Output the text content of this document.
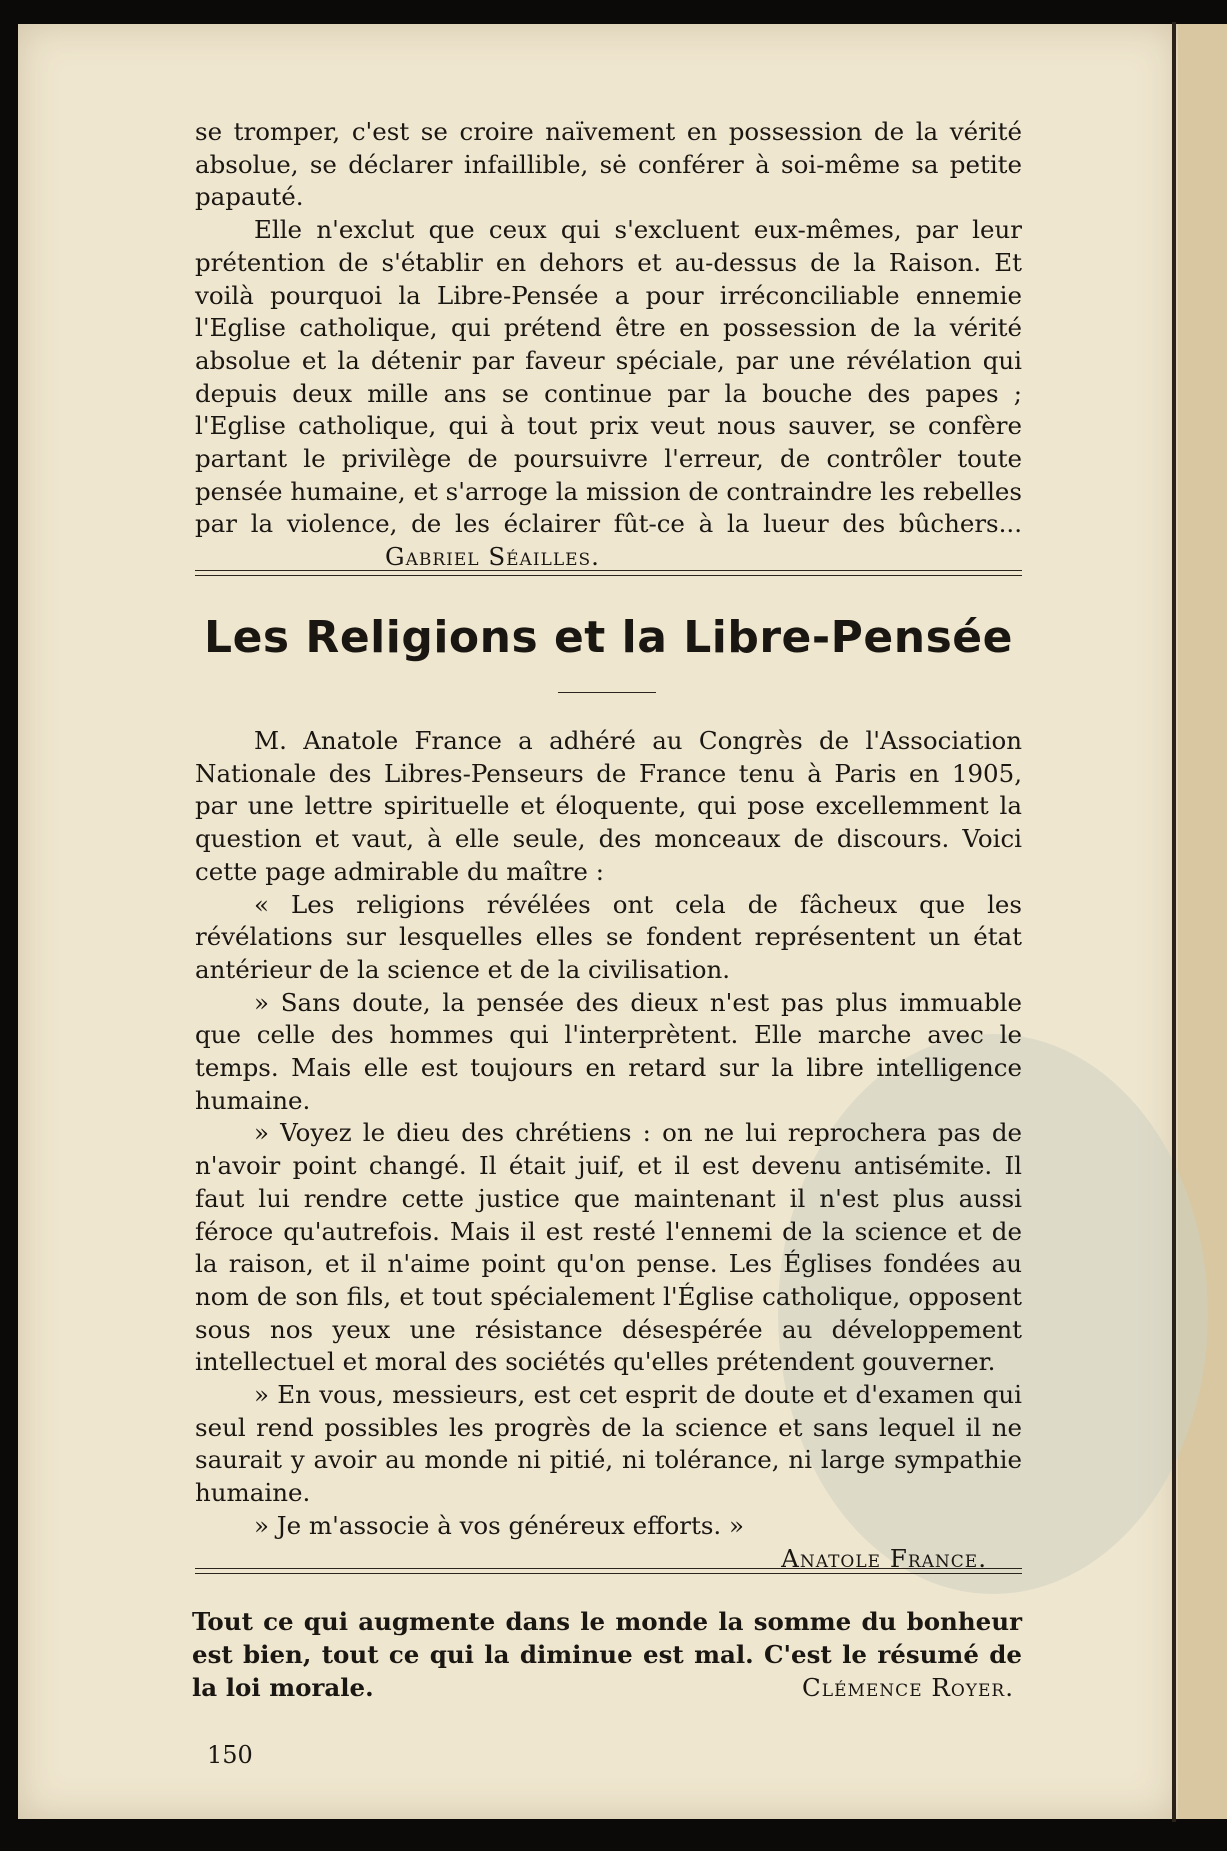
se tromper, c'est se croire naïvement en possession de la vérité absolue, se déclarer infaillible, sė conférer à soi-même sa petite papauté.

Elle n'exclut que ceux qui s'excluent eux-mêmes, par leur prétention de s'établir en dehors et au-dessus de la Raison. Et voilà pourquoi la Libre-Pensée a pour irréconciliable ennemie l'Eglise catholique, qui prétend être en possession de la vérité absolue et la détenir par faveur spéciale, par une révélation qui depuis deux mille ans se continue par la bouche des papes ; l'Eglise catholique, qui à tout prix veut nous sauver, se confère partant le privilège de poursuivre l'erreur, de contrôler toute pensée humaine, et s'arroge la mission de contraindre les rebelles par la violence, de les éclairer fût-ce à la lueur des bûchers...Gabriel Séailles.

Les Religions et la Libre-Pensée

M. Anatole France a adhéré au Congrès de l'Association Nationale des Libres-Penseurs de France tenu à Paris en 1905, par une lettre spirituelle et éloquente, qui pose excellemment la question et vaut, à elle seule, des monceaux de discours. Voici cette page admirable du maître :

« Les religions révélées ont cela de fâcheux que les révélations sur lesquelles elles se fondent représentent un état antérieur de la science et de la civilisation.

» Sans doute, la pensée des dieux n'est pas plus immuable que celle des hommes qui l'interprètent. Elle marche avec le temps. Mais elle est toujours en retard sur la libre intelligence humaine.

» Voyez le dieu des chrétiens : on ne lui reprochera pas de n'avoir point changé. Il était juif, et il est devenu antisémite. Il faut lui rendre cette justice que maintenant il n'est plus aussi féroce qu'autrefois. Mais il est resté l'ennemi de la science et de la raison, et il n'aime point qu'on pense. Les Églises fondées au nom de son fils, et tout spécialement l'Église catholique, opposent sous nos yeux une résistance désespérée au développement intellectuel et moral des sociétés qu'elles prétendent gouverner.

» En vous, messieurs, est cet esprit de doute et d'examen qui seul rend possibles les progrès de la science et sans lequel il ne saurait y avoir au monde ni pitié, ni tolérance, ni large sympathie humaine.

» Je m'associe à vos généreux efforts. »

Anatole France.

Tout ce qui augmente dans le monde la somme du bonheur est bien, tout ce qui la diminue est mal. C'est le résumé de la loi morale.	Clémence Royer.

150
